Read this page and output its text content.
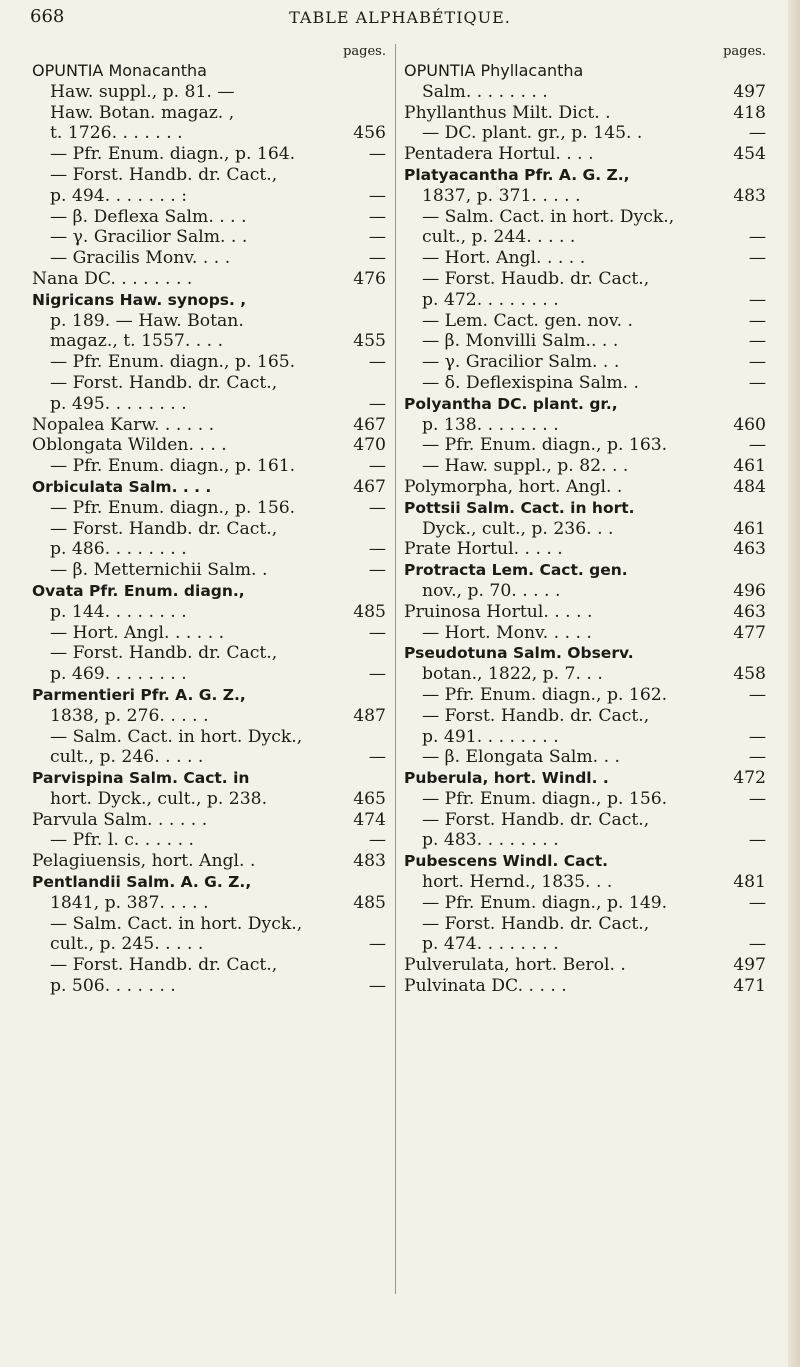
668	TABLE ALPHABÉTIQUE.
pages.
OPUNTIA Monacantha
Haw. suppl., p. 81. —
Haw. Botan. magaz. ,
456
t. 1726. . . . . . .
—
— Pfr. Enum. diagn., p. 164.
— Forst. Handb. dr. Cact.,
—
p. 494. . . . . . . :
—
— β. Deflexa Salm. . . .
—
— γ. Gracilior Salm. . .
—
— Gracilis Monv. . . .
476
Nana DC. . . . . . . .
Nigricans Haw. synops. ,
p. 189. — Haw. Botan.
455
magaz., t. 1557. . . .
—
— Pfr. Enum. diagn., p. 165.
— Forst. Handb. dr. Cact.,
—
p. 495. . . . . . . .
467
Nopalea Karw. . . . . .
470
Oblongata Wilden. . . .
—
— Pfr. Enum. diagn., p. 161.
467
Orbiculata Salm. . . .
—
— Pfr. Enum. diagn., p. 156.
— Forst. Handb. dr. Cact.,
—
p. 486. . . . . . . .
—
— β. Metternichii Salm. .
Ovata Pfr. Enum. diagn.,
485
p. 144. . . . . . . .
—
— Hort. Angl. . . . . .
— Forst. Handb. dr. Cact.,
—
p. 469. . . . . . . .
Parmentieri Pfr. A. G. Z.,
487
1838, p. 276. . . . .
— Salm. Cact. in hort. Dyck.,
—
cult., p. 246. . . . .
Parvispina Salm. Cact. in
465
hort. Dyck., cult., p. 238.
474
Parvula Salm. . . . . .
—
— Pfr. l. c. . . . . .
483
Pelagiuensis, hort. Angl. .
Pentlandii Salm. A. G. Z.,
485
1841, p. 387. . . . .
— Salm. Cact. in hort. Dyck.,
—
cult., p. 245. . . . .
— Forst. Handb. dr. Cact.,
—
p. 506. . . . . . .
pages.
OPUNTIA Phyllacantha
497
Salm. . . . . . . .
418
Phyllanthus Milt. Dict. .
—
— DC. plant. gr., p. 145. .
454
Pentadera Hortul. . . .
Platyacantha Pfr. A. G. Z.,
483
1837, p. 371. . . . .
— Salm. Cact. in hort. Dyck.,
—
cult., p. 244. . . . .
—
— Hort. Angl. . . . .
— Forst. Haudb. dr. Cact.,
—
p. 472. . . . . . . .
—
— Lem. Cact. gen. nov. .
—
— β. Monvilli Salm.. . .
—
— γ. Gracilior Salm. . .
—
— δ. Deflexispina Salm. .
Polyantha DC. plant. gr.,
460
p. 138. . . . . . . .
—
— Pfr. Enum. diagn., p. 163.
461
— Haw. suppl., p. 82. . .
484
Polymorpha, hort. Angl. .
Pottsii Salm. Cact. in hort.
461
Dyck., cult., p. 236. . .
463
Prate Hortul. . . . .
Protracta Lem. Cact. gen.
496
nov., p. 70. . . . .
463
Pruinosa Hortul. . . . .
477
— Hort. Monv. . . . .
Pseudotuna Salm. Observ.
458
botan., 1822, p. 7. . .
—
— Pfr. Enum. diagn., p. 162.
— Forst. Handb. dr. Cact.,
—
p. 491. . . . . . . .
—
— β. Elongata Salm. . .
472
Puberula, hort. Windl. .
—
— Pfr. Enum. diagn., p. 156.
— Forst. Handb. dr. Cact.,
—
p. 483. . . . . . . .
Pubescens Windl. Cact.
481
hort. Hernd., 1835. . .
—
— Pfr. Enum. diagn., p. 149.
— Forst. Handb. dr. Cact.,
—
p. 474. . . . . . . .
497
Pulverulata, hort. Berol. .
471
Pulvinata DC. . . . .
